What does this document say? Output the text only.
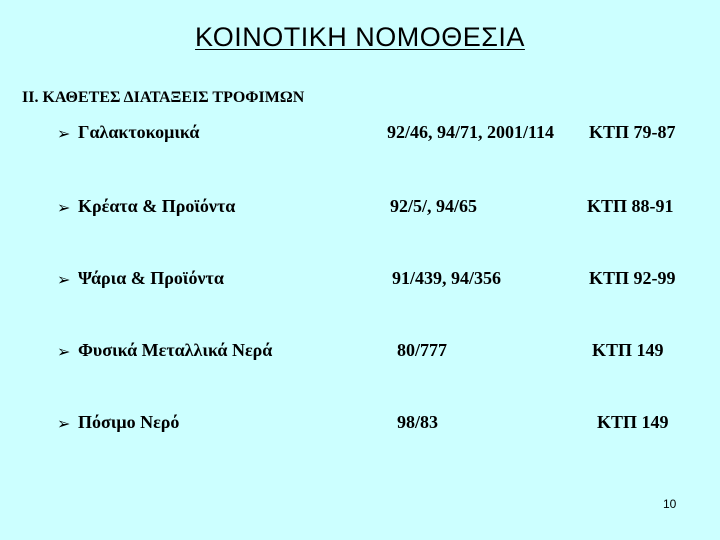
ΚΟΙΝΟΤΙΚΗ ΝΟΜΟΘΕΣΙΑ
ΙΙ. ΚΑΘΕΤΕΣ ΔΙΑΤΑΞΕΙΣ ΤΡΟΦΙΜΩΝ
➢ Γαλακτοκομικά	92/46, 94/71, 2001/114 ΚΤΠ 79-87
➢ Κρέατα & Προϊόντα	92/5/, 94/65	ΚΤΠ 88-91
➢ Ψάρια & Προϊόντα	91/439, 94/356	ΚΤΠ 92-99
➢ Φυσικά Μεταλλικά Νερά	80/777	ΚΤΠ 149
➢ Πόσιμο Νερό	98/83	ΚΤΠ 149
10
